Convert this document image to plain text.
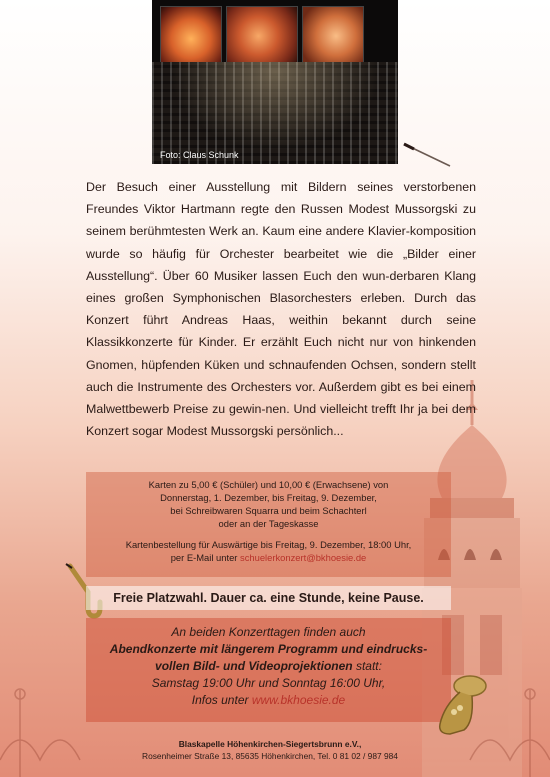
Foto: Claus Schunk

Der Besuch einer Ausstellung mit Bildern seines verstorbenen Freundes Viktor Hartmann regte den Russen Modest Mussorgski zu seinem berühmtesten Werk an. Kaum eine andere Klavier-komposition wurde so häufig für Orchester bearbeitet wie die „Bilder einer Ausstellung“. Über 60 Musiker lassen Euch den wun-derbaren Klang eines großen Symphonischen Blasorchesters erleben. Durch das Konzert führt Andreas Haas, weithin bekannt durch seine Klassikkonzerte für Kinder. Er erzählt Euch nicht nur von hinkenden Gnomen, hüpfenden Küken und schnaufenden Ochsen, sondern stellt auch die Instrumente des Orchesters vor. Außerdem gibt es bei einem Malwettbewerb Preise zu gewin-nen. Und vielleicht trefft Ihr ja bei dem Konzert sogar Modest Mussorgski persönlich...

Karten zu 5,00 € (Schüler) und 10,00 € (Erwachsene) von

Donnerstag, 1. Dezember, bis Freitag, 9. Dezember,

bei Schreibwaren Squarra und beim Schachterl

oder an der Tageskasse

Kartenbestellung für Auswärtige bis Freitag, 9. Dezember, 18:00 Uhr,

per E-Mail unter schuelerkonzert@bkhoesie.de

Freie Platzwahl. Dauer ca. eine Stunde, keine Pause.

An beiden Konzerttagen finden auch

Abendkonzerte mit längerem Programm und eindrucks-

vollen Bild- und Videoprojektionen statt:

Samstag 19:00 Uhr und Sonntag 16:00 Uhr,

Infos unter www.bkhoesie.de

Blaskapelle Höhenkirchen-Siegertsbrunn e.V.,
Rosenheimer Straße 13, 85635 Höhenkirchen, Tel. 0 81 02 / 987 984
